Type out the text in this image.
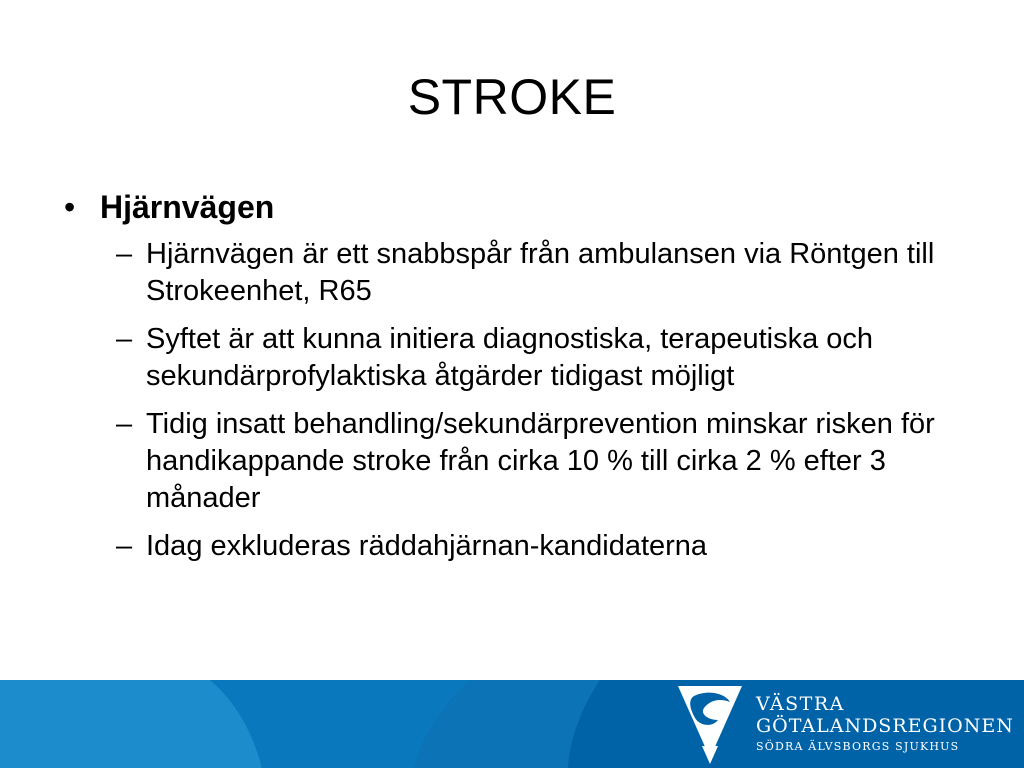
STROKE
• Hjärnvägen
– Hjärnvägen är ett snabbspår från ambulansen via Röntgen till Strokeenhet, R65
– Syftet är att kunna initiera diagnostiska, terapeutiska och sekundärprofylaktiska åtgärder tidigast möjligt
– Tidig insatt behandling/sekundärprevention minskar risken för handikappande stroke från cirka 10 % till cirka 2 % efter 3 månader
– Idag exkluderas räddahjärnan-kandidaterna
VÄSTRA
GÖTALANDSREGIONEN
SÖDRA ÄLVSBORGS SJUKHUS
